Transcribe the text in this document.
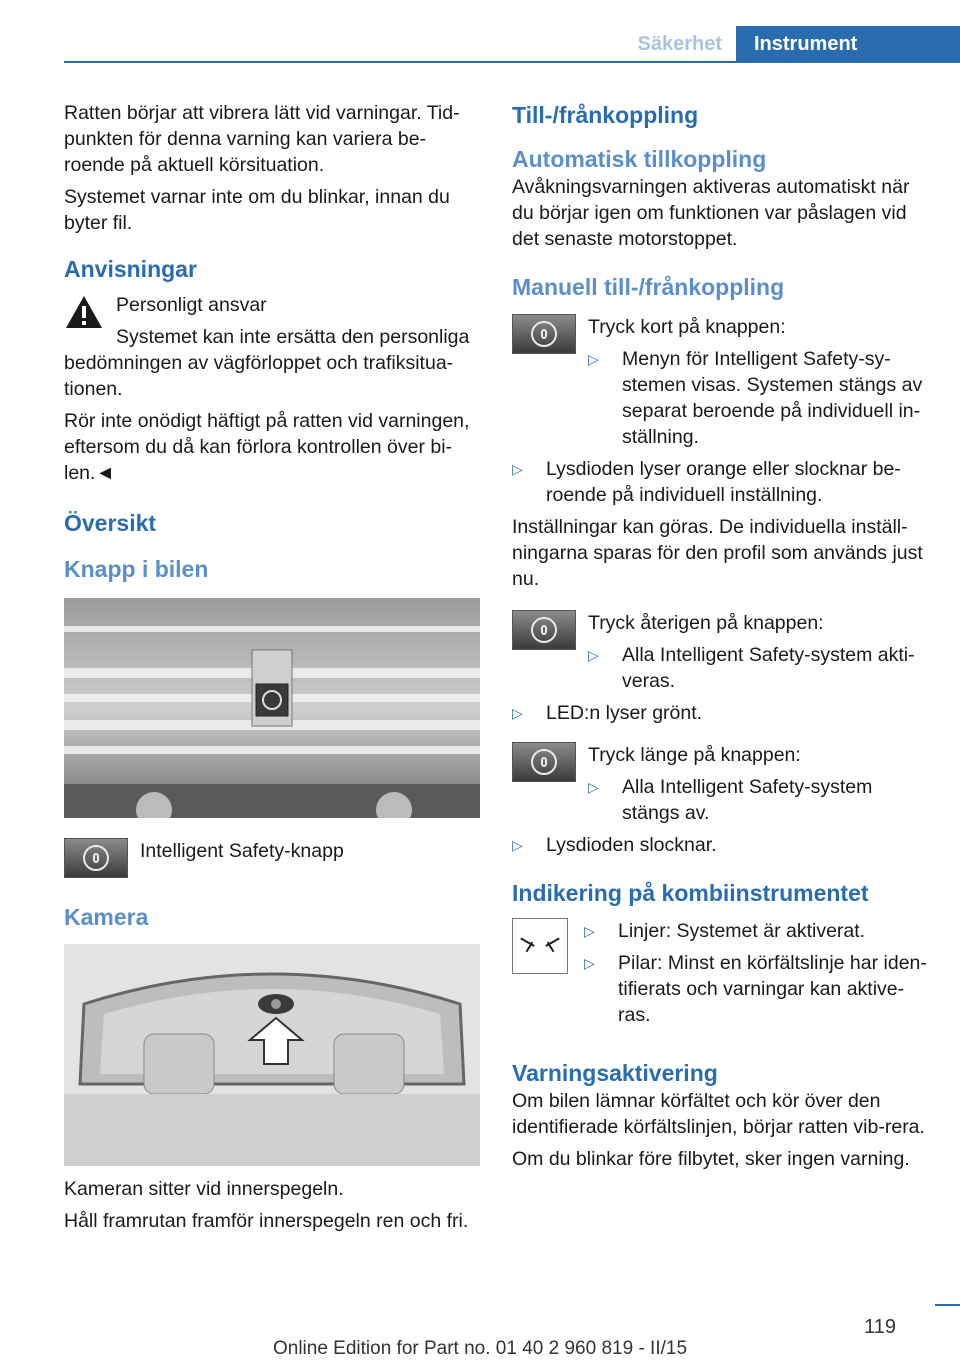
Säkerhet	Instrument

Ratten börjar att vibrera lätt vid varningar. Tid-punkten för denna varning kan variera be-roende på aktuell körsituation.

Systemet varnar inte om du blinkar, innan du byter fil.

Anvisningar

Personligt ansvar

Systemet kan inte ersätta den personliga bedömningen av vägförloppet och trafiksitua-tionen.

Rör inte onödigt häftigt på ratten vid varningen, eftersom du då kan förlora kontrollen över bi-len.◄

Översikt
Knapp i bilen

Intelligent Safety-knapp

Kamera

Kameran sitter vid innerspegeln.

Håll framrutan framför innerspegeln ren och fri.

Till-/frånkoppling
Automatisk tillkoppling

Avåkningsvarningen aktiveras automatiskt när du börjar igen om funktionen var påslagen vid det senaste motorstoppet.

Manuell till-/frånkoppling

Tryck kort på knappen:

▷ Menyn för Intelligent Safety-sy-stemen visas. Systemen stängs av separat beroende på individuell in-ställning.
▷ Lysdioden lyser orange eller slocknar be-roende på individuell inställning.

Inställningar kan göras. De individuella inställ-ningarna sparas för den profil som används just nu.

Tryck återigen på knappen:

▷ Alla Intelligent Safety-system akti-veras.
▷ LED:n lyser grönt.

Tryck länge på knappen:

▷ Alla Intelligent Safety-system stängs av.
▷ Lysdioden slocknar.
Indikering på kombiinstrumentet
▷ Linjer: Systemet är aktiverat.
▷ Pilar: Minst en körfältslinje har iden-tifierats och varningar kan aktive-ras.
Varningsaktivering

Om bilen lämnar körfältet och kör över den identifierade körfältslinjen, börjar ratten vib-rera.

Om du blinkar före filbytet, sker ingen varning.

119
Online Edition for Part no. 01 40 2 960 819 - II/15
